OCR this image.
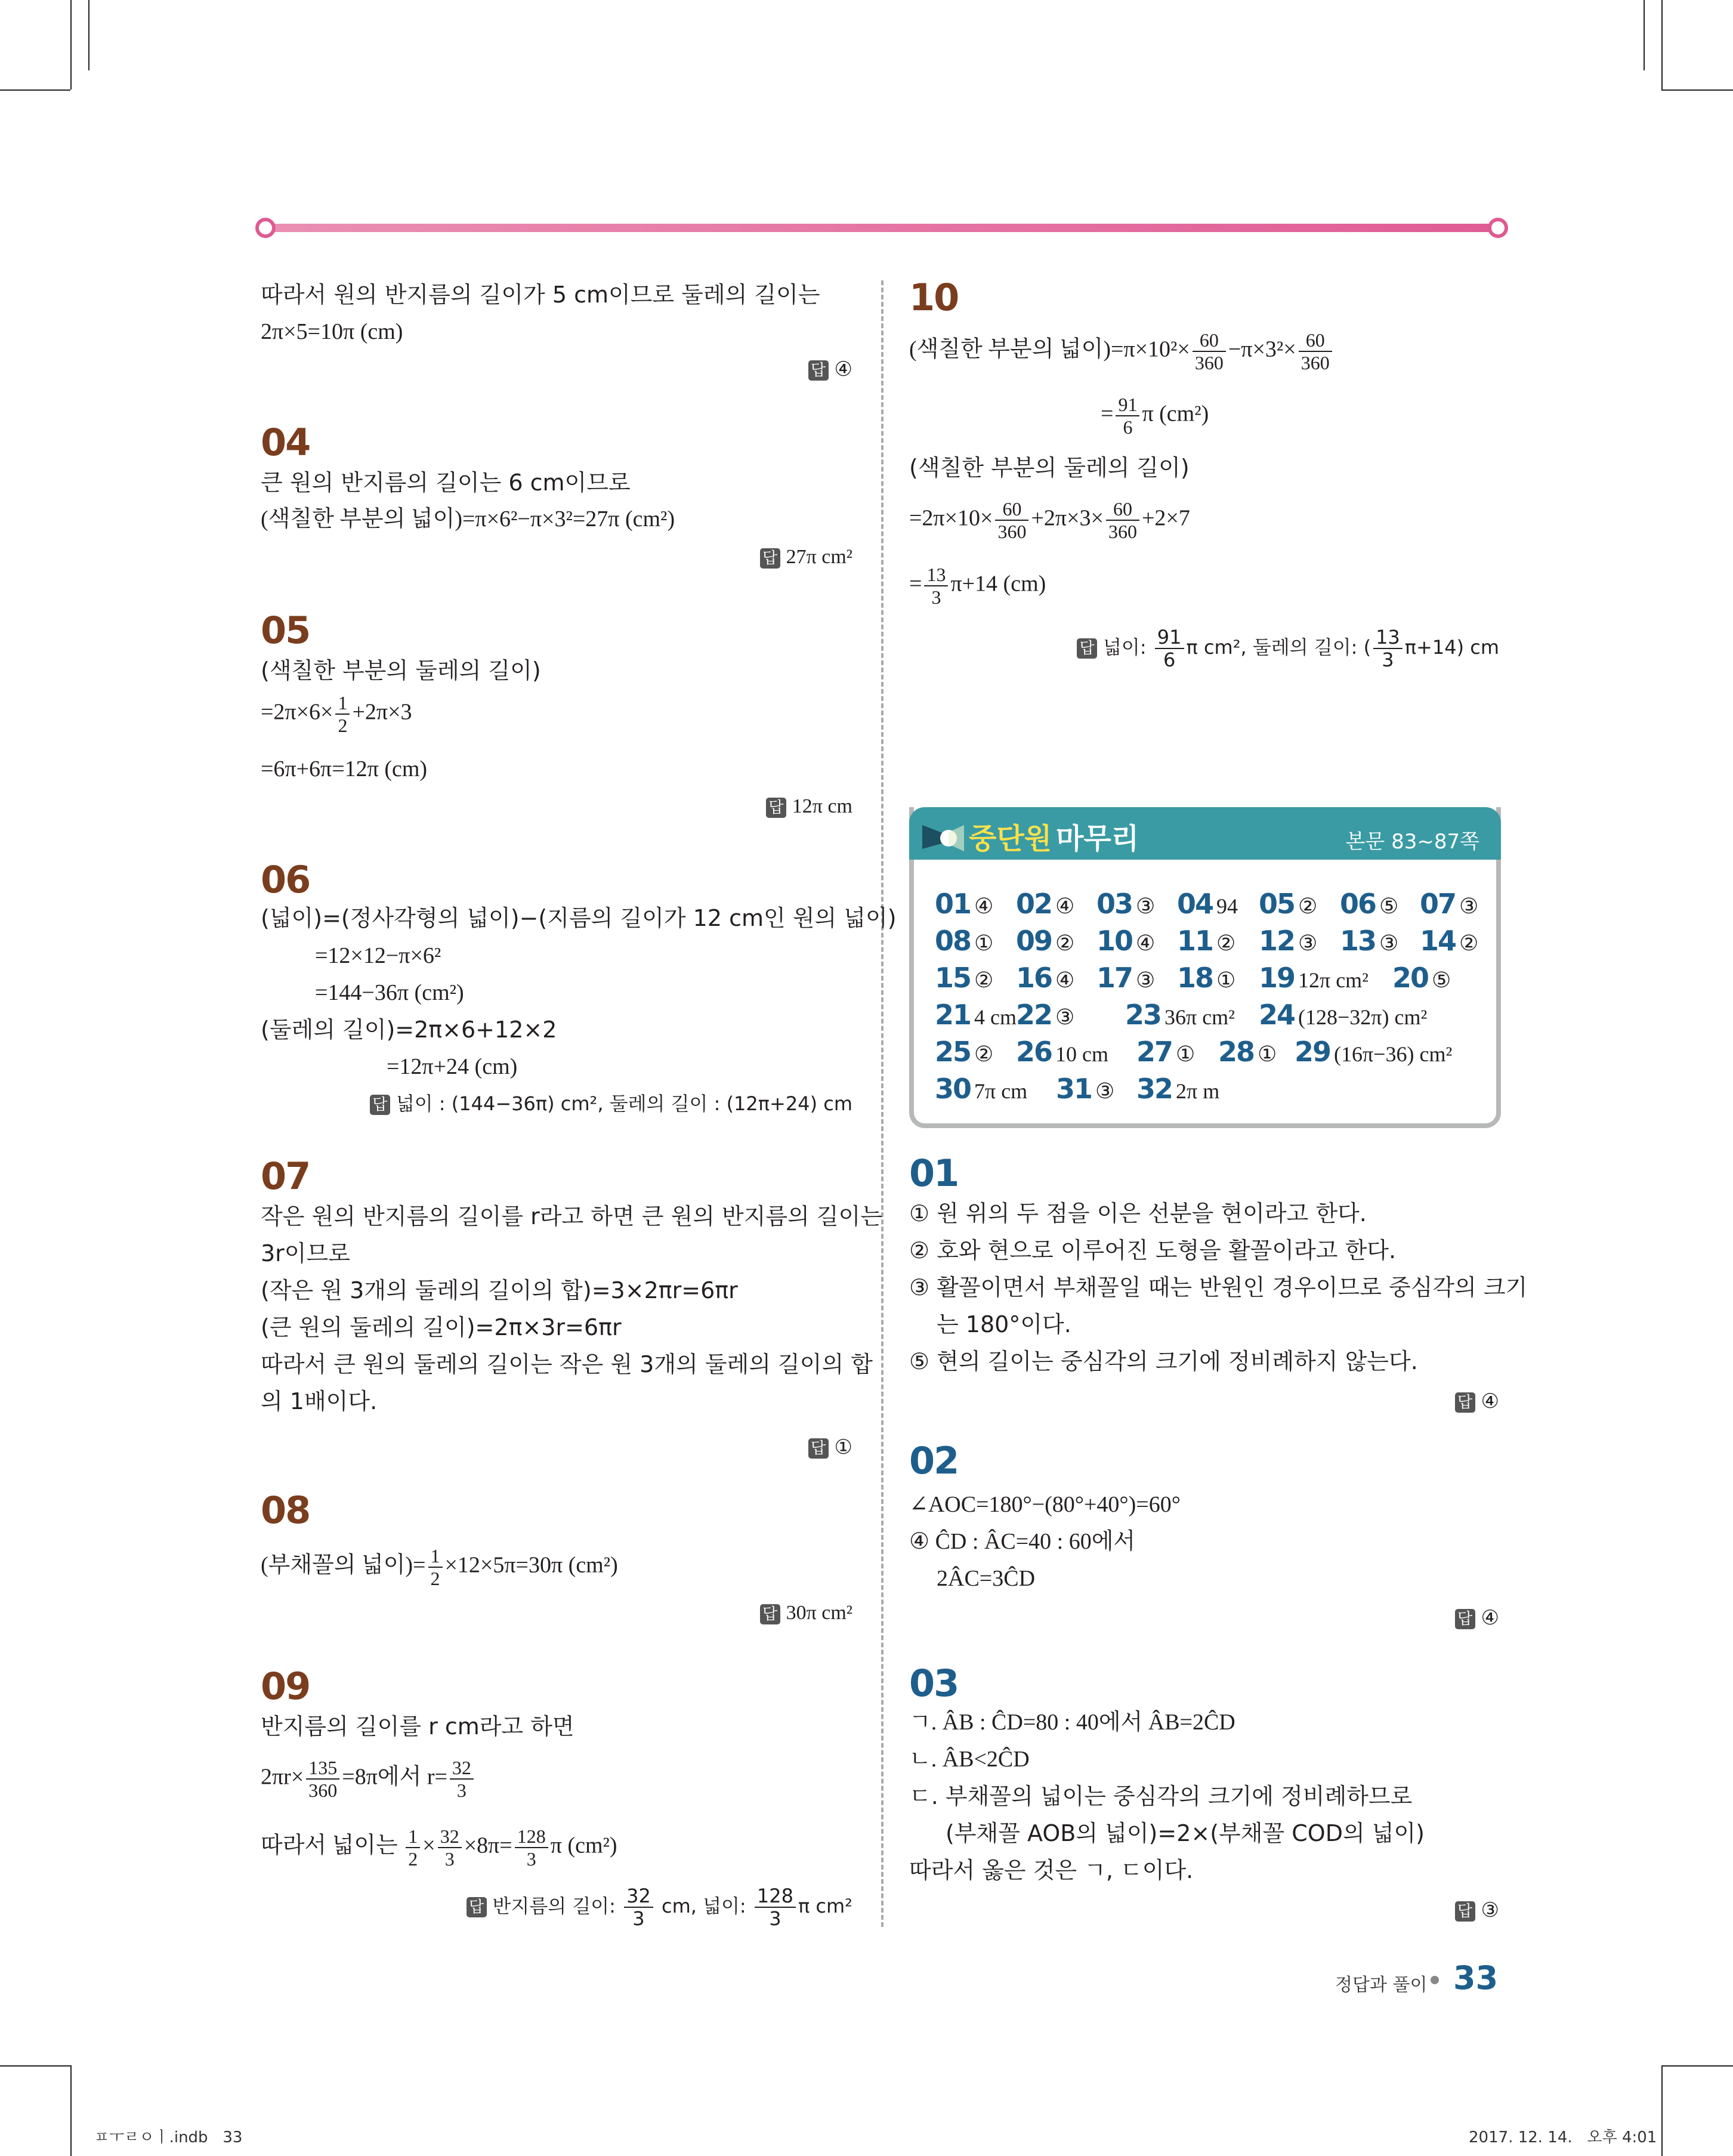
따라서 원의 반지름의 길이가 5 cm이므로 둘레의 길이는
2π×5=10π (cm)
답 ④
04
큰 원의 반지름의 길이는 6 cm이므로
(색칠한 부분의 넓이)=π×6²−π×3²=27π (cm²)
답 27π cm²
05
(색칠한 부분의 둘레의 길이)
$=2\pi\times 6\times \frac{1}{2} +2\pi\times 3$
=6π+6π=12π (cm)
답 12π cm
06
(넓이)=(정사각형의 넓이)−(지름의 길이가 12 cm인 원의 넓이)
=12×12−π×6²
=144−36π (cm²)
(둘레의 길이)=2π×6+12×2
=12π+24 (cm)
답 넓이 : (144−36π) cm², 둘레의 길이 : (12π+24) cm
07
작은 원의 반지름의 길이를 r라고 하면 큰 원의 반지름의 길이는
3r이므로
(작은 원 3개의 둘레의 길이의 합)=3×2πr=6πr
(큰 원의 둘레의 길이)=2π×3r=6πr
따라서 큰 원의 둘레의 길이는 작은 원 3개의 둘레의 길이의 합
의 1배이다.
답 ①
08
(부채꼴의 넓이)= $\frac{1}{2} \times 12\times 5\pi=30\pi$ (cm²)
답 30π cm²
09
반지름의 길이를 r cm라고 하면
$2\pi r\times \frac{135}{360} =8\pi$에서 $r= \frac{32}{3}$
따라서 넓이는 $\frac{1}{2} \times \frac{32}{3} \times 8\pi= \frac{128}{3}$ π (cm²)
답 반지름의 길이: $\frac{32}{3}$ cm, 넓이: $\frac{128}{3}$ π cm²
10
(색칠한 부분의 넓이)$=\pi\times 10^2\times \frac{60}{360} -\pi\times 3^2\times \frac{60}{360}$
= $\frac{91}{6}$ π (cm²)
(색칠한 부분의 둘레의 길이)
$=2\pi\times 10\times \frac{60}{360} +2\pi\times 3\times \frac{60}{360} +2\times 7$
= $\frac{13}{3} \pi+14$ (cm)
답 넓이: $\frac{91}{6}$ π cm², 둘레의 길이: ( $\frac{13}{3} \pi+14$) cm
중단원 마무리	본문 83~87쪽
01 ④ 02 ④ 03 ③ 04 94 05 ② 06 ⑤ 07 ③
08 ① 09 ② 10 ④ 11 ② 12 ③ 13 ③ 14 ②
15 ② 16 ④ 17 ③ 18 ① 19 12π cm² 20 ⑤
21 4 cm 22 ③ 23 36π cm² 24 (128−32π) cm²
25 ② 26 10 cm 27 ① 28 ① 29 (16π−36) cm²
30 7π cm 31 ③ 32 2π m
01
① 원 위의 두 점을 이은 선분을 현이라고 한다.
② 호와 현으로 이루어진 도형을 활꼴이라고 한다.
③ 활꼴이면서 부채꼴일 때는 반원인 경우이므로 중심각의 크기
는 180°이다.
⑤ 현의 길이는 중심각의 크기에 정비례하지 않는다.
답 ④
02
∠AOC=180°−(80°+40°)=60°
④ ĈD : ÂC=40 : 60에서
2ÂC=3ĈD
답 ④
03
ㄱ. ÂB : ĈD=80 : 40에서 ÂB=2ĈD
ㄴ. ÂB<2ĈD
ㄷ. 부채꼴의 넓이는 중심각의 크기에 정비례하므로
(부채꼴 AOB의 넓이)=2×(부채꼴 COD의 넓이)
따라서 옳은 것은 ㄱ, ㄷ이다.
답 ③
정답과 풀이 33
ㅍㅜㄹㅇㅣ.indb   33	2017. 12. 14.   오후 4:01
